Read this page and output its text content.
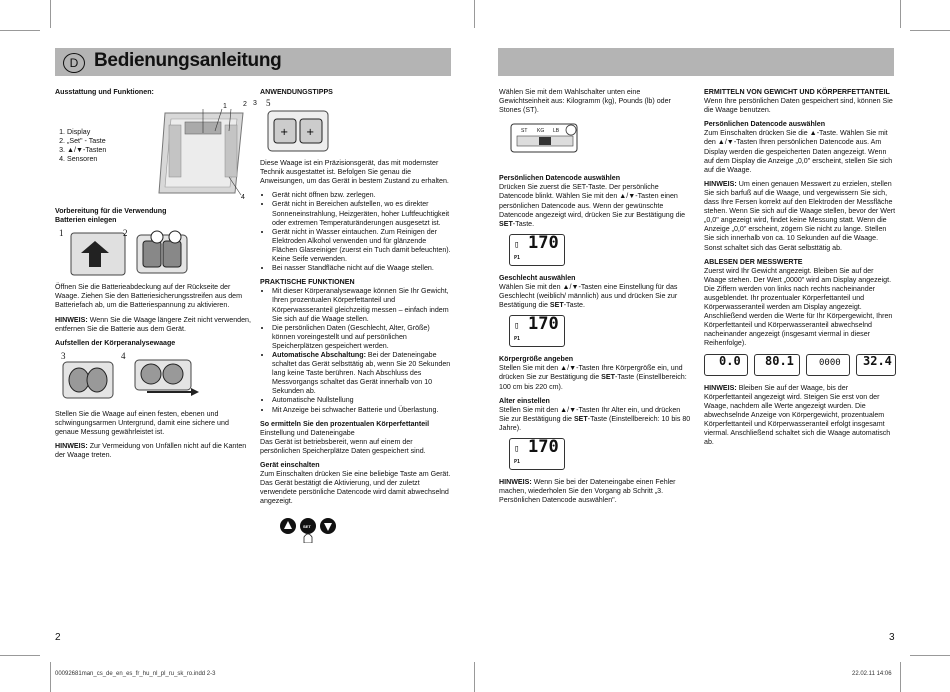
D Bedienungsanleitung

Ausstattung und Funktionen:

1. Display
2. „Set" - Taste
3. ▲/▼-Tasten
4. Sensoren
1 2 3
4

Vorbereitung für die Verwendung

Batterien einlegen

1	2

Öffnen Sie die Batterieabdeckung auf der Rückseite der Waage. Ziehen Sie den Batteriesicherungsstreifen aus dem Batteriefach ab, um die Batteriespannung zu aktivieren.

HINWEIS: Wenn Sie die Waage längere Zeit nicht verwenden, entfernen Sie die Batterie aus dem Gerät.

Aufstellen der Körperanalysewaage

3	4

Stellen Sie die Waage auf einen festen, ebenen und schwingungsarmen Untergrund, damit eine sichere und genaue Messung gewährleistet ist.

HINWEIS: Zur Vermeidung von Unfällen nicht auf die Kanten der Waage treten.

ANWENDUNGSTIPPS

5
+ +

Diese Waage ist ein Präzisionsgerät, das mit modernster Technik ausgestattet ist. Befolgen Sie genau die Anweisungen, um das Gerät in bestem Zustand zu erhalten.

• Gerät nicht öffnen bzw. zerlegen.
• Gerät nicht in Bereichen aufstellen, wo es direkter Sonneneinstrahlung, Heizgeräten, hoher Luftfeuchtigkeit oder extremen Temperaturänderungen ausgesetzt ist.
• Gerät nicht in Wasser eintauchen. Zum Reinigen der Elektroden Alkohol verwenden und für glänzende Flächen Glasreiniger (zuerst ein Tuch damit befeuchten). Keine Seife verwenden.
• Bei nasser Standfläche nicht auf die Waage stellen.

PRAKTISCHE FUNKTIONEN

• Mit dieser Körperanalysewaage können Sie Ihr Gewicht, Ihren prozentualen Körperfettanteil und Körperwasseranteil gleichzeitig messen – einfach indem Sie sich auf die Waage stellen.
• Die persönlichen Daten (Geschlecht, Alter, Größe) können voreingestellt und auf persönlichen Speicherplätzen gespeichert werden.
• Automatische Abschaltung: Bei der Dateneingabe schaltet das Gerät selbsttätig ab, wenn Sie 20 Sekunden lang keine Taste berühren. Nach Abschluss des Messvorgangs schaltet das Gerät innerhalb von 10 Sekunden ab.
• Automatische Nullstellung
• Mit Anzeige bei schwacher Batterie und Überlastung.

So ermitteln Sie den prozentualen Körperfettanteil

Einstellung und Dateneingabe
Das Gerät ist betriebsbereit, wenn auf einem der persönlichen Speicherplätze Daten gespeichert sind.

Gerät einschalten

Zum Einschalten drücken Sie eine beliebige Taste am Gerät. Das Gerät bestätigt die Aktivierung, und der zuletzt verwendete persönliche Datencode wird damit abwechselnd angezeigt.

SET

Wählen Sie mit dem Wahlschalter unten eine Gewichtseinheit aus: Kilogramm (kg), Pounds (lb) oder Stones (ST).

ST KG LB

Persönlichen Datencode auswählen

Drücken Sie zuerst die SET-Taste. Der persönliche Datencode blinkt. Wählen Sie mit den ▲/▼-Tasten einen persönlichen Datencode aus. Wenn der gewünschte Datencode angezeigt wird, drücken Sie zur Bestätigung die SET-Taste.

170
P1
▯

Geschlecht auswählen

Wählen Sie mit den ▲/▼-Tasten eine Einstellung für das Geschlecht (weiblich/ männlich) aus und drücken Sie zur Bestätigung die SET-Taste.

170
P1
▯

Körpergröße angeben

Stellen Sie mit den ▲/▼-Tasten Ihre Körpergröße ein, und drücken Sie zur Bestätigung die SET-Taste (Einstellbereich: 100 cm bis 220 cm).

Alter einstellen

Stellen Sie mit den ▲/▼-Tasten Ihr Alter ein, und drücken Sie zur Bestätigung die SET-Taste (Einstellbereich: 10 bis 80 Jahre).

170
P1
▯

HINWEIS: Wenn Sie bei der Dateneingabe einen Fehler machen, wiederholen Sie den Vorgang ab Schritt „3. Persönlichen Datencode auswählen".

ERMITTELN VON GEWICHT UND KÖRPERFETTANTEIL

Wenn Ihre persönlichen Daten gespeichert sind, können Sie die Waage benutzen.

Persönlichen Datencode auswählen

Zum Einschalten drücken Sie die ▲-Taste. Wählen Sie mit den ▲/▼-Tasten Ihren persönlichen Datencode aus. Am Display werden die gespeicherten Daten angezeigt. Wenn auf dem Display die Anzeige „0,0" erscheint, stellen Sie sich auf die Waage.

HINWEIS: Um einen genauen Messwert zu erzielen, stellen Sie sich barfuß auf die Waage, und vergewissern Sie sich, dass Ihre Fersen korrekt auf den Elektroden der Messfläche stehen. Wenn Sie sich auf die Waage stellen, bevor der Wert „0,0" angezeigt wird, findet keine Messung statt. Wenn die Anzeige „0,0" erscheint, zögern Sie nicht zu lange. Stellen Sie sich innerhalb von ca. 10 Sekunden auf die Waage. Sonst schaltet sich das Gerät selbsttätig ab.

ABLESEN DER MESSWERTE

Zuerst wird Ihr Gewicht angezeigt. Bleiben Sie auf der Waage stehen. Der Wert „0000" wird am Display angezeigt. Die Ziffern werden von links nach rechts nacheinander ausgeblendet. Ihr prozentualer Körperfettanteil und Körperwasseranteil werden am Display angezeigt. Anschließend werden die Werte für Ihr Körpergewicht, Ihren Körperfettanteil und Körperwasseranteil abwechselnd nacheinander angezeigt (insgesamt viermal in dieser Reihenfolge).

0.0 80.1	0000 32.4

HINWEIS: Bleiben Sie auf der Waage, bis der Körperfettanteil angezeigt wird. Steigen Sie erst von der Waage, nachdem alle Werte angezeigt wurden. Die abwechselnde Anzeige von Körpergewicht, prozentualem Körperfettanteil und Körperwasseranteil erfolgt insgesamt viermal. Anschließend schaltet sich die Waage automatisch ab.

2	3
00092681man_cs_de_en_es_fr_hu_nl_pl_ru_sk_ro.indd 2-3	22.02.11 14:06
